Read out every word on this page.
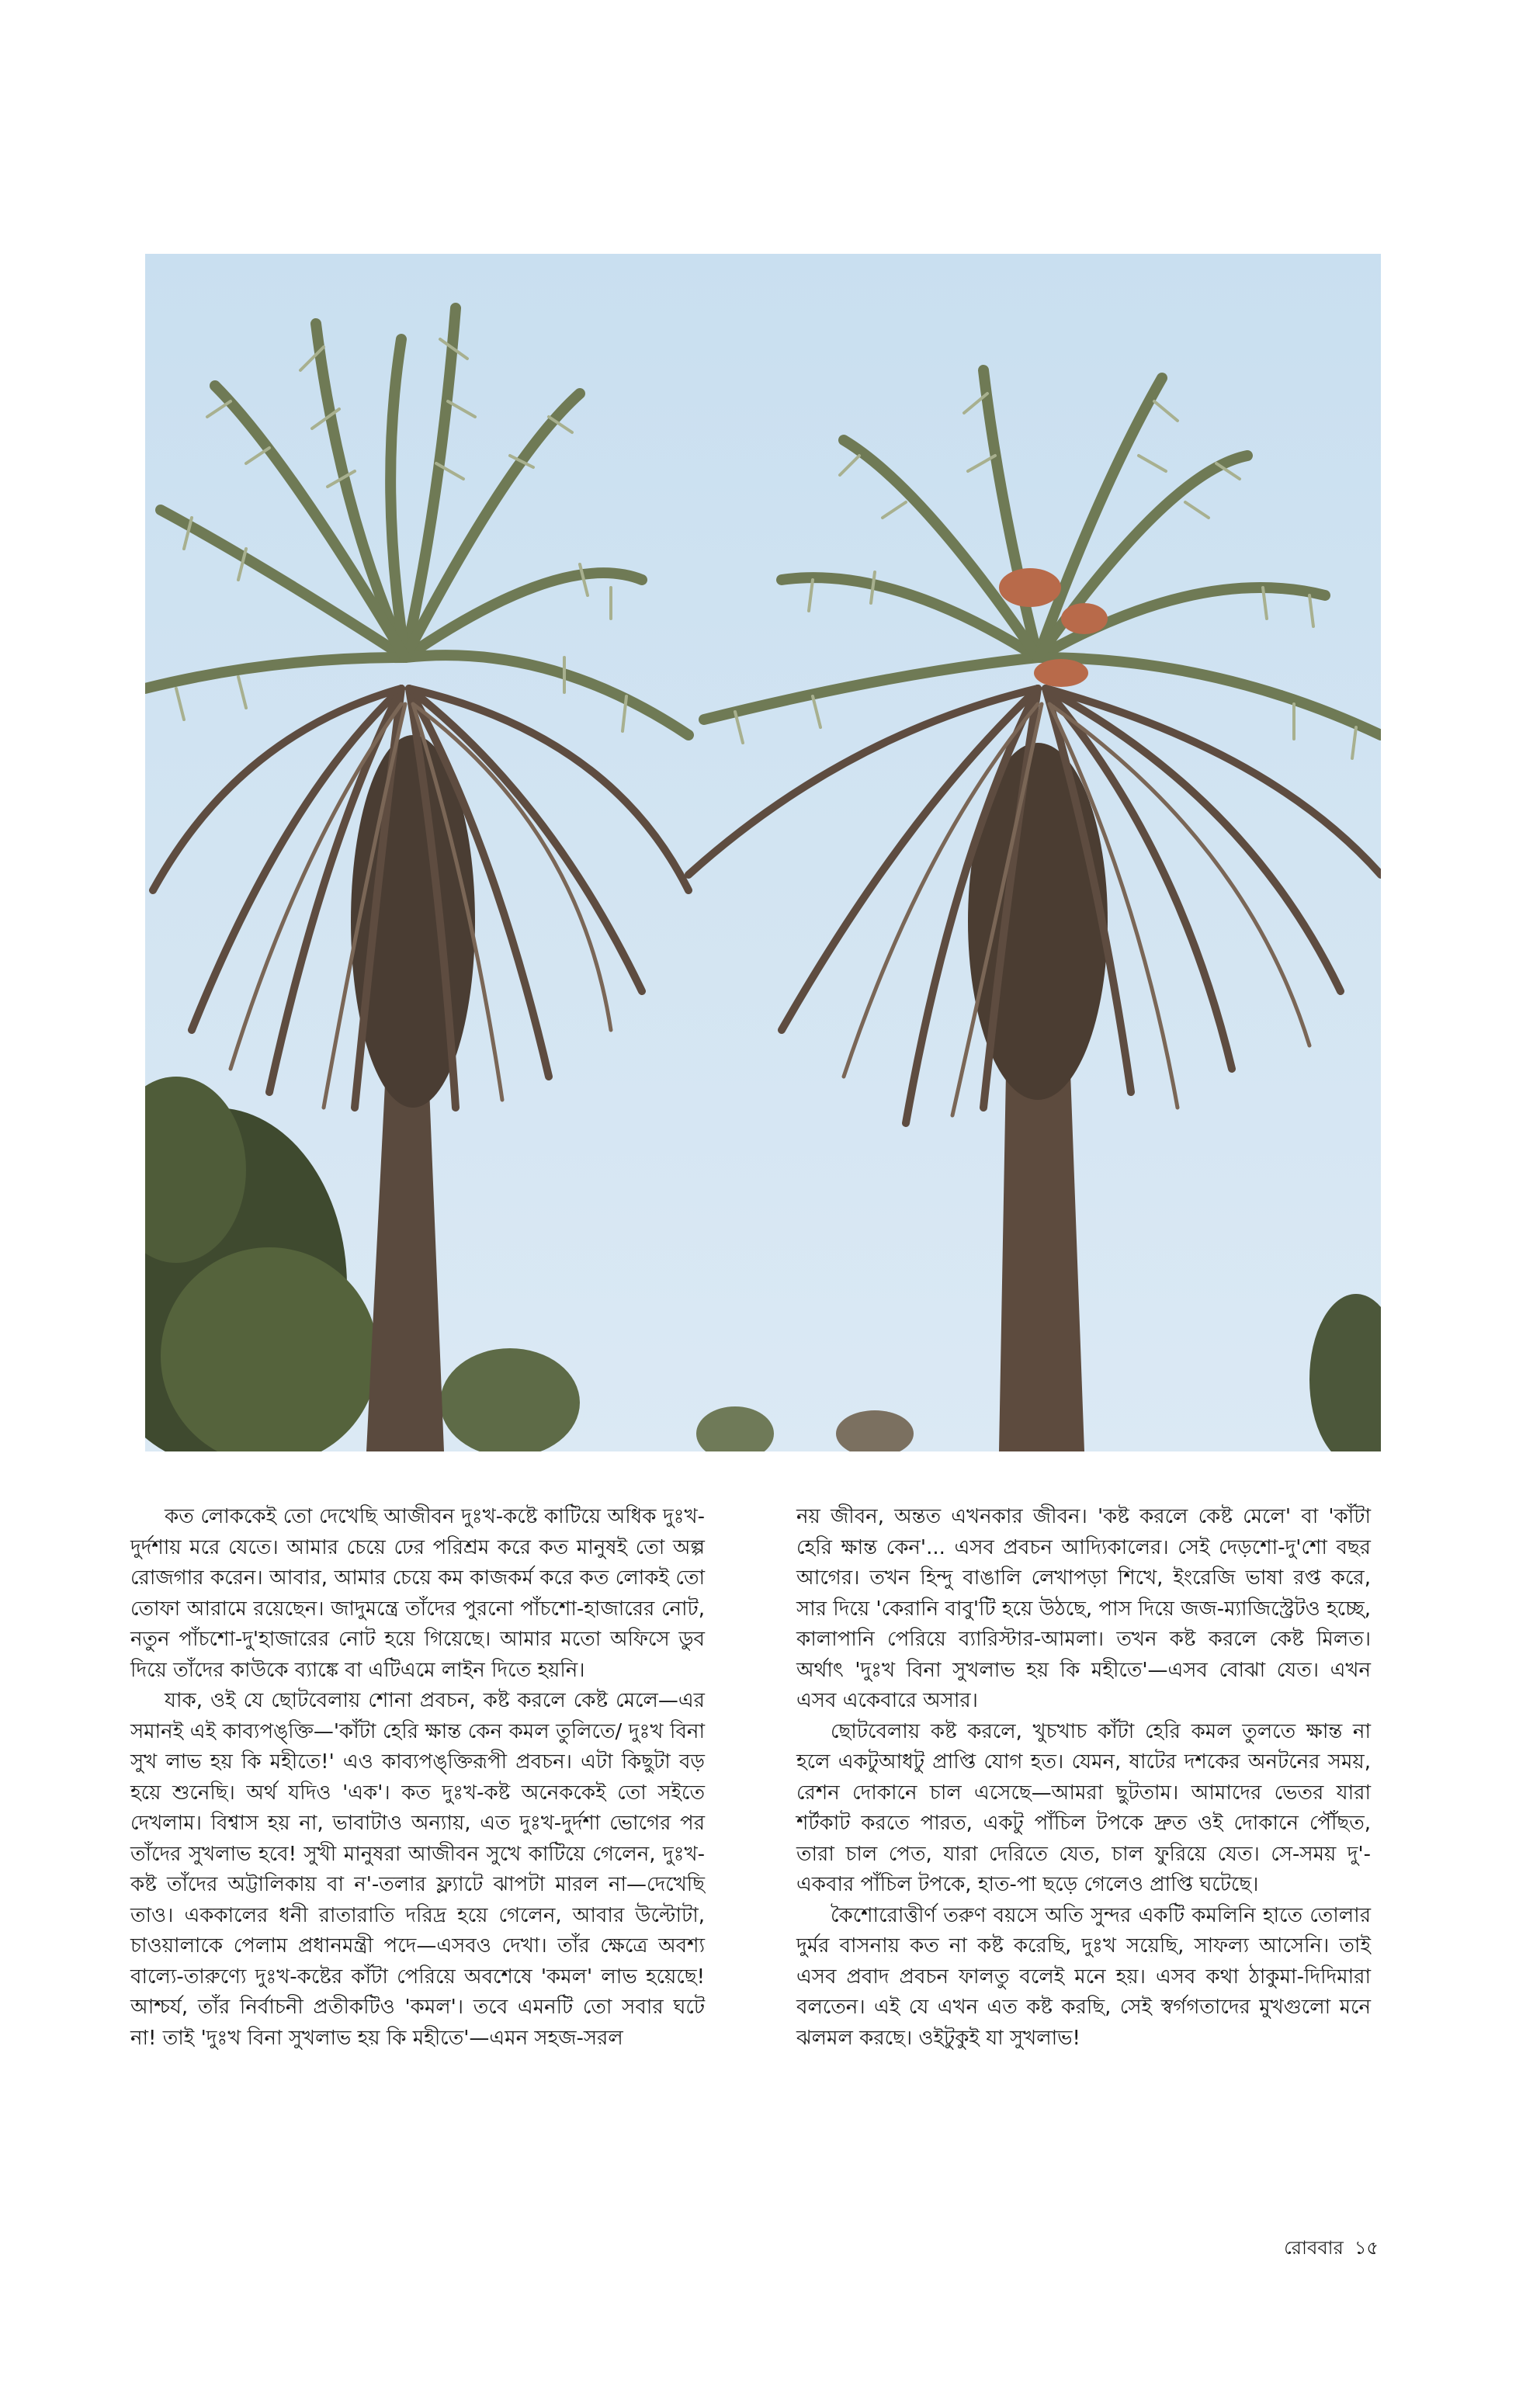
কত লোককেই তো দেখেছি আজীবন দুঃখ-কষ্টে কাটিয়ে অধিক দুঃখ-দুর্দশায় মরে যেতে। আমার চেয়ে ঢের পরিশ্রম করে কত মানুষই তো অল্প রোজগার করেন। আবার, আমার চেয়ে কম কাজকর্ম করে কত লোকই তো তোফা আরামে রয়েছেন। জাদুমন্ত্রে তাঁদের পুরনো পাঁচশো-হাজারের নোট, নতুন পাঁচশো-দু'হাজারের নোট হয়ে গিয়েছে। আমার মতো অফিসে ডুব দিয়ে তাঁদের কাউকে ব্যাঙ্কে বা এটিএমে লাইন দিতে হয়নি।

যাক, ওই যে ছোটবেলায় শোনা প্রবচন, কষ্ট করলে কেষ্ট মেলে—এর সমানই এই কাব্যপঙ্‌ক্তি—'কাঁটা হেরি ক্ষান্ত কেন কমল তুলিতে/ দুঃখ বিনা সুখ লাভ হয় কি মহীতে!' এও কাব্যপঙ্‌ক্তিরূপী প্রবচন। এটা কিছুটা বড় হয়ে শুনেছি। অর্থ যদিও 'এক'। কত দুঃখ-কষ্ট অনেককেই তো সইতে দেখলাম। বিশ্বাস হয় না, ভাবাটাও অন্যায়, এত দুঃখ-দুর্দশা ভোগের পর তাঁদের সুখলাভ হবে! সুখী মানুষরা আজীবন সুখে কাটিয়ে গেলেন, দুঃখ-কষ্ট তাঁদের অট্টালিকায় বা ন'-তলার ফ্ল্যাটে ঝাপটা মারল না—দেখেছি তাও। এককালের ধনী রাতারাতি দরিদ্র হয়ে গেলেন, আবার উল্টোটা, চাওয়ালাকে পেলাম প্রধানমন্ত্রী পদে—এসবও দেখা। তাঁর ক্ষেত্রে অবশ্য বাল্যে-তারুণ্যে দুঃখ-কষ্টের কাঁটা পেরিয়ে অবশেষে 'কমল' লাভ হয়েছে! আশ্চর্য, তাঁর নির্বাচনী প্রতীকটিও 'কমল'। তবে এমনটি তো সবার ঘটে না! তাই 'দুঃখ বিনা সুখলাভ হয় কি মহীতে'—এমন সহজ-সরল

নয় জীবন, অন্তত এখনকার জীবন। 'কষ্ট করলে কেষ্ট মেলে' বা 'কাঁটা হেরি ক্ষান্ত কেন'... এসব প্রবচন আদ্যিকালের। সেই দেড়শো-দু'শো বছর আগের। তখন হিন্দু বাঙালি লেখাপড়া শিখে, ইংরেজি ভাষা রপ্ত করে, সার দিয়ে 'কেরানি বাবু'টি হয়ে উঠছে, পাস দিয়ে জজ-ম্যাজিস্ট্রেটও হচ্ছে, কালাপানি পেরিয়ে ব্যারিস্টার-আমলা। তখন কষ্ট করলে কেষ্ট মিলত। অর্থাৎ 'দুঃখ বিনা সুখলাভ হয় কি মহীতে'—এসব বোঝা যেত। এখন এসব একেবারে অসার।

ছোটবেলায় কষ্ট করলে, খুচখাচ কাঁটা হেরি কমল তুলতে ক্ষান্ত না হলে একটুআধটু প্রাপ্তি যোগ হত। যেমন, ষাটের দশকের অনটনের সময়, রেশন দোকানে চাল এসেছে—আমরা ছুটতাম। আমাদের ভেতর যারা শর্টকাট করতে পারত, একটু পাঁচিল টপকে দ্রুত ওই দোকানে পৌঁছত, তারা চাল পেত, যারা দেরিতে যেত, চাল ফুরিয়ে যেত। সে-সময় দু'-একবার পাঁচিল টপকে, হাত-পা ছড়ে গেলেও প্রাপ্তি ঘটেছে।

কৈশোরোত্তীর্ণ তরুণ বয়সে অতি সুন্দর একটি কমলিনি হাতে তোলার দুর্মর বাসনায় কত না কষ্ট করেছি, দুঃখ সয়েছি, সাফল্য আসেনি। তাই এসব প্রবাদ প্রবচন ফালতু বলেই মনে হয়। এসব কথা ঠাকুমা-দিদিমারা বলতেন। এই যে এখন এত কষ্ট করছি, সেই স্বর্গগতাদের মুখগুলো মনে ঝলমল করছে। ওইটুকুই যা সুখলাভ!

রোববার ১৫
